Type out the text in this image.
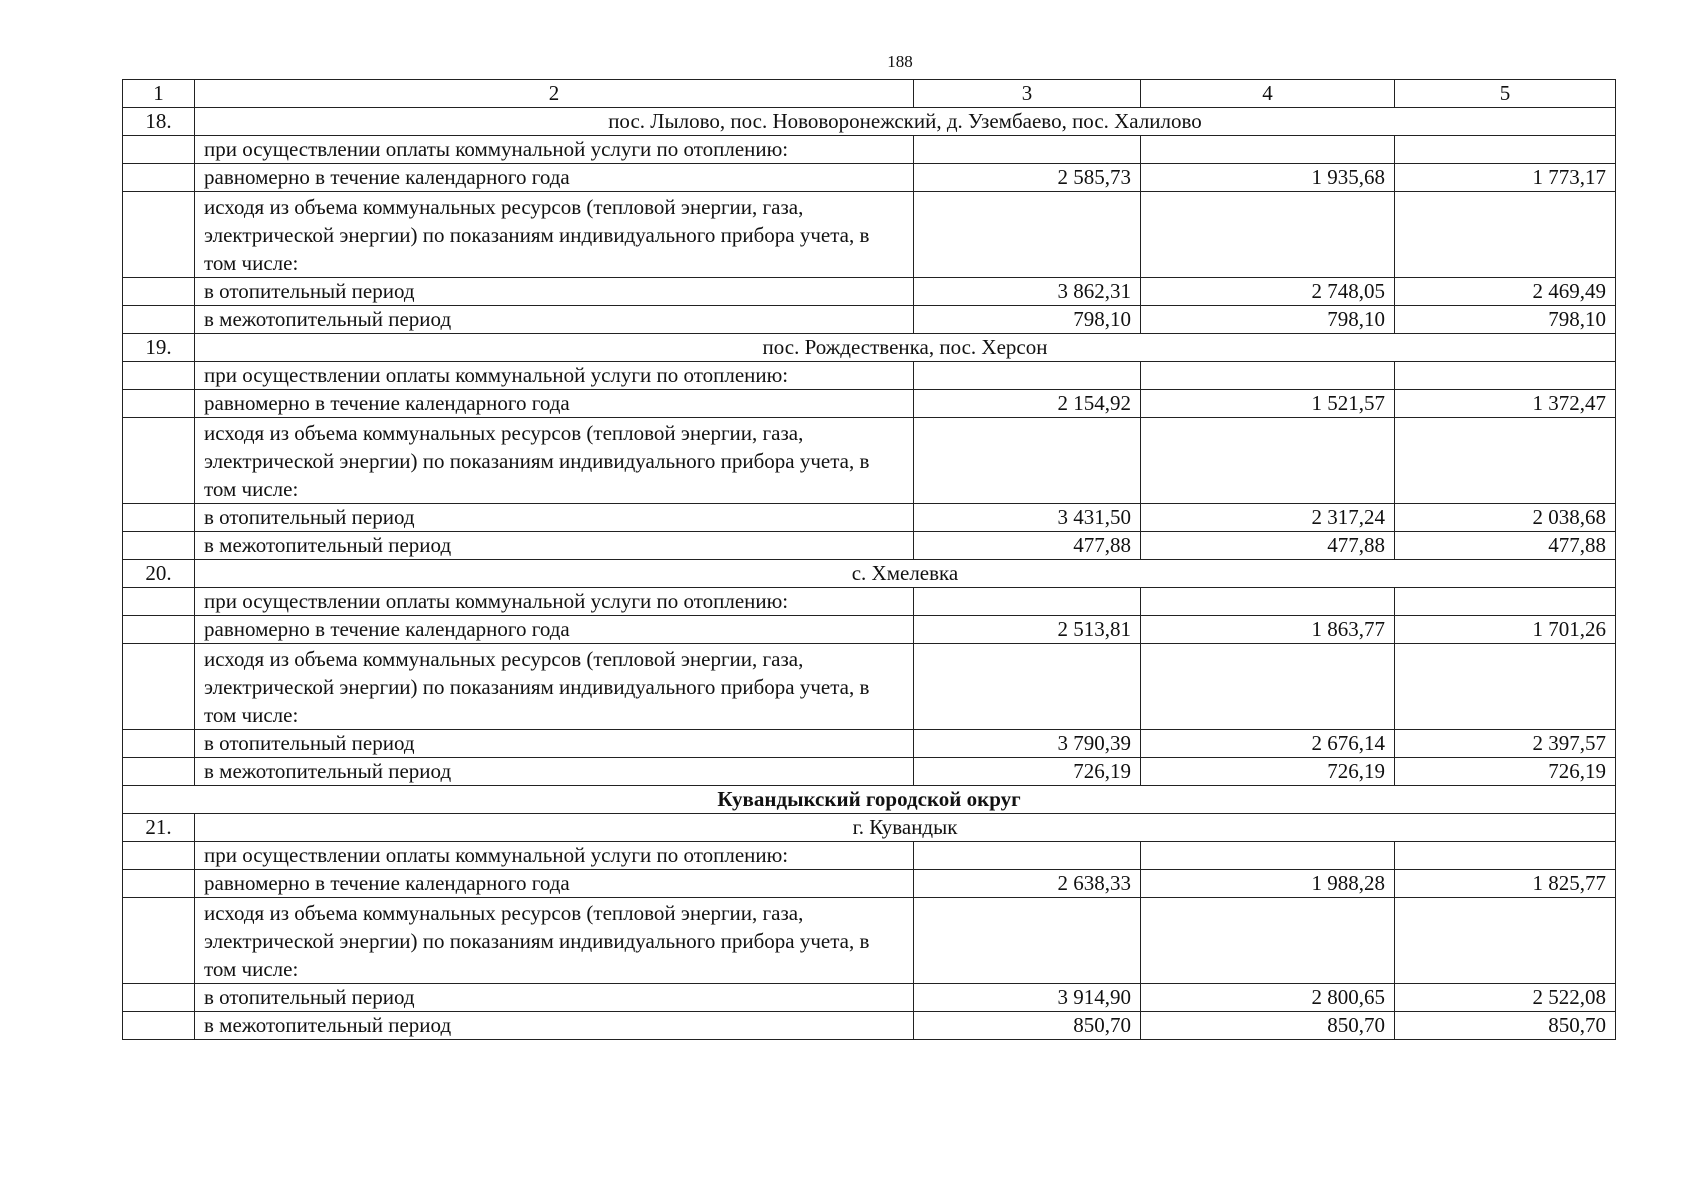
188
1	2	3	4	5
18.	пос. Лылово, пос. Нововоронежский, д. Узембаево, пос. Халилово			
	при осуществлении оплаты коммунальной услуги по отоплению:			
	равномерно в течение календарного года	2 585,73	1 935,68	1 773,17
	исходя из объема коммунальных ресурсов (тепловой энергии, газа, электрической энергии) по показаниям индивидуального прибора учета, в том числе:			
	в отопительный период	3 862,31	2 748,05	2 469,49
	в межотопительный период	798,10	798,10	798,10
19.	пос. Рождественка, пос. Херсон			
	при осуществлении оплаты коммунальной услуги по отоплению:			
	равномерно в течение календарного года	2 154,92	1 521,57	1 372,47
	исходя из объема коммунальных ресурсов (тепловой энергии, газа, электрической энергии) по показаниям индивидуального прибора учета, в том числе:			
	в отопительный период	3 431,50	2 317,24	2 038,68
	в межотопительный период	477,88	477,88	477,88
20.	с. Хмелевка			
	при осуществлении оплаты коммунальной услуги по отоплению:			
	равномерно в течение календарного года	2 513,81	1 863,77	1 701,26
	исходя из объема коммунальных ресурсов (тепловой энергии, газа, электрической энергии) по показаниям индивидуального прибора учета, в том числе:			
	в отопительный период	3 790,39	2 676,14	2 397,57
	в межотопительный период	726,19	726,19	726,19
Кувандыкский городской округ				
21.	г. Кувандык			
	при осуществлении оплаты коммунальной услуги по отоплению:			
	равномерно в течение календарного года	2 638,33	1 988,28	1 825,77
	исходя из объема коммунальных ресурсов (тепловой энергии, газа, электрической энергии) по показаниям индивидуального прибора учета, в том числе:			
	в отопительный период	3 914,90	2 800,65	2 522,08
	в межотопительный период	850,70	850,70	850,70
